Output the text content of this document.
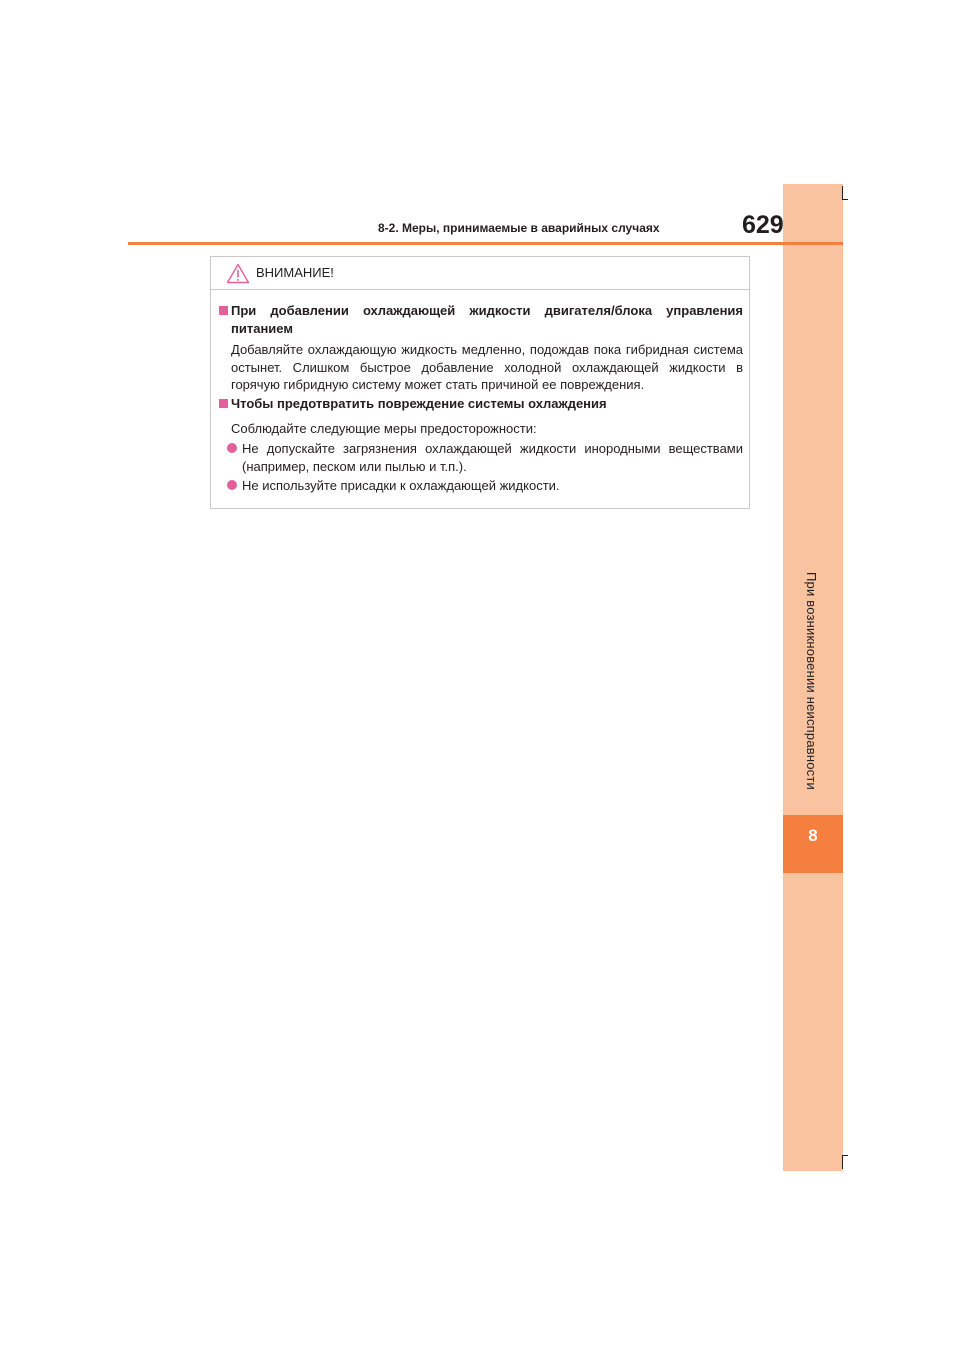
8
При возникновении неисправности
8-2. Меры, принимаемые в аварийных случаях	629
ВНИМАНИЕ!
При добавлении охлаждающей жидкости двигателя/блока управления питанием
Добавляйте охлаждающую жидкость медленно, подождав пока гибридная система остынет. Слишком быстрое добавление холодной охлаждающей жидкости в горячую гибридную систему может стать причиной ее повреждения.
Чтобы предотвратить повреждение системы охлаждения
Соблюдайте следующие меры предосторожности:
Не допускайте загрязнения охлаждающей жидкости инородными веществами (например, песком или пылью и т.п.).
Не используйте присадки к охлаждающей жидкости.
